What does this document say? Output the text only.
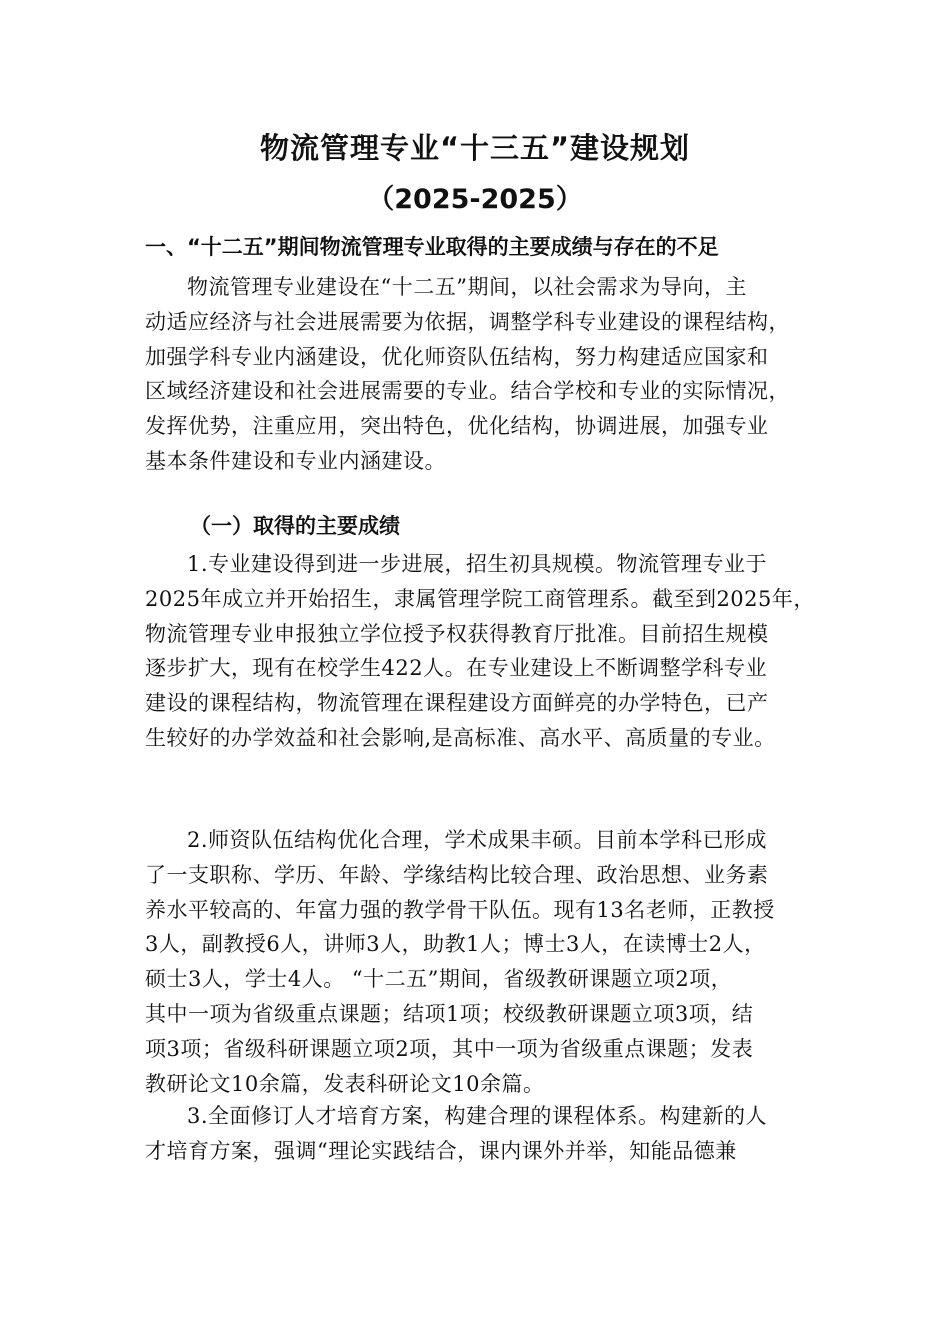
物流管理专业“十三五”建设规划
（2025-2025）
一、“十二五”期间物流管理专业取得的主要成绩与存在的不足
物流管理专业建设在“十二五”期间，以社会需求为导向，主
动适应经济与社会进展需要为依据，调整学科专业建设的课程结构，
加强学科专业内涵建设，优化师资队伍结构，努力构建适应国家和
区域经济建设和社会进展需要的专业。结合学校和专业的实际情况，
发挥优势，注重应用，突出特色，优化结构，协调进展，加强专业
基本条件建设和专业内涵建设。
（一）取得的主要成绩
1.专业建设得到进一步进展，招生初具规模。物流管理专业于
2025年成立并开始招生，隶属管理学院工商管理系。截至到2025年，
物流管理专业申报独立学位授予权获得教育厅批准。目前招生规模
逐步扩大，现有在校学生422人。在专业建设上不断调整学科专业
建设的课程结构，物流管理在课程建设方面鲜亮的办学特色，已产
生较好的办学效益和社会影响,是高标准、高水平、高质量的专业。
2.师资队伍结构优化合理，学术成果丰硕。目前本学科已形成
了一支职称、学历、年龄、学缘结构比较合理、政治思想、业务素
养水平较高的、年富力强的教学骨干队伍。现有13名老师，正教授
3人，副教授6人，讲师3人，助教1人；博士3人，在读博士2人，
硕士3人，学士4人。 “十二五”期间，省级教研课题立项2项，
其中一项为省级重点课题；结项1项；校级教研课题立项3项，结
项3项；省级科研课题立项2项，其中一项为省级重点课题；发表
教研论文10余篇，发表科研论文10余篇。
3.全面修订人才培育方案，构建合理的课程体系。构建新的人
才培育方案，强调“理论实践结合，课内课外并举，知能品德兼
